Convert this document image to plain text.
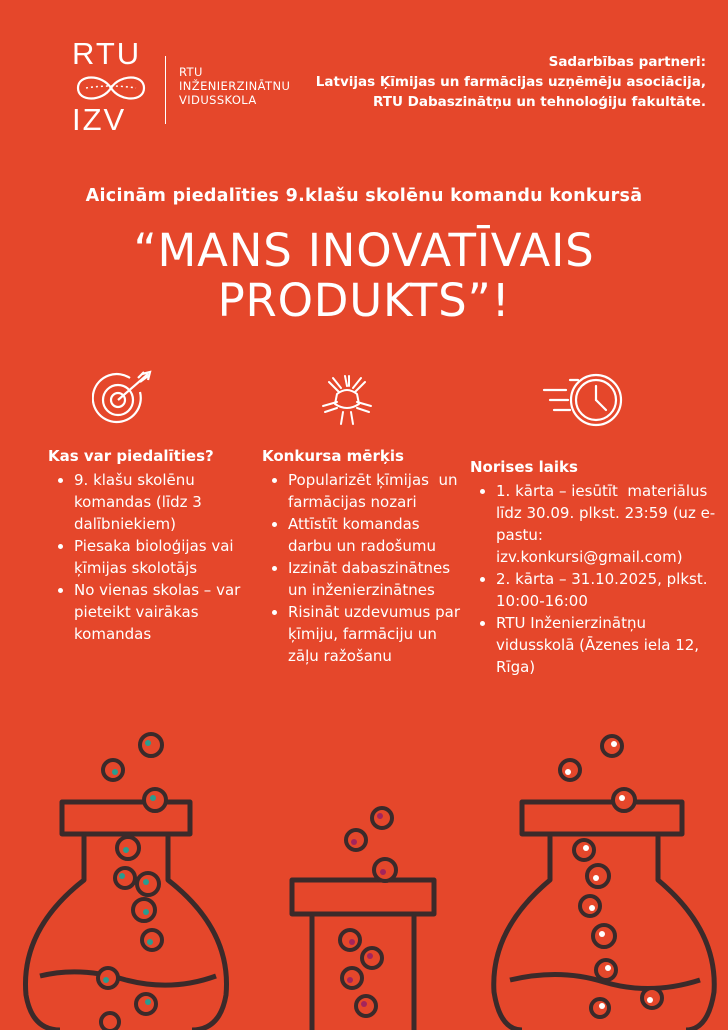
RTU
IZV
RTU
INŽENIERZINĀTNU
VIDUSSKOLA
Sadarbības partneri:
Latvijas Ķīmijas un farmācijas uzņēmēju asociācija, RTU Dabaszinātņu un tehnoloģiju fakultāte.
Aicinām piedalīties 9.klašu skolēnu komandu konkursā
“MANS INOVATĪVAIS
PRODUKTS”!
Kas var piedalīties?
• 9. klašu skolēnu komandas (līdz 3 dalībniekiem)
• Piesaka bioloģijas vai ķīmijas skolotājs
• No vienas skolas – var pieteikt vairākas komandas
Konkursa mērķis
• Popularizēt ķīmijas  un farmācijas nozari
• Attīstīt komandas darbu un radošumu
• Izzināt dabaszinātnes un inženierzinātnes
• Risināt uzdevumus par ķīmiju, farmāciju un zāļu ražošanu
Norises laiks
• 1. kārta – iesūtīt  materiālus līdz 30.09. plkst. 23:59 (uz e-pastu: izv.konkursi@gmail.com)
• 2. kārta – 31.10.2025, plkst. 10:00-16:00
• RTU Inženierzinātņu vidusskolā (Āzenes iela 12, Rīga)
